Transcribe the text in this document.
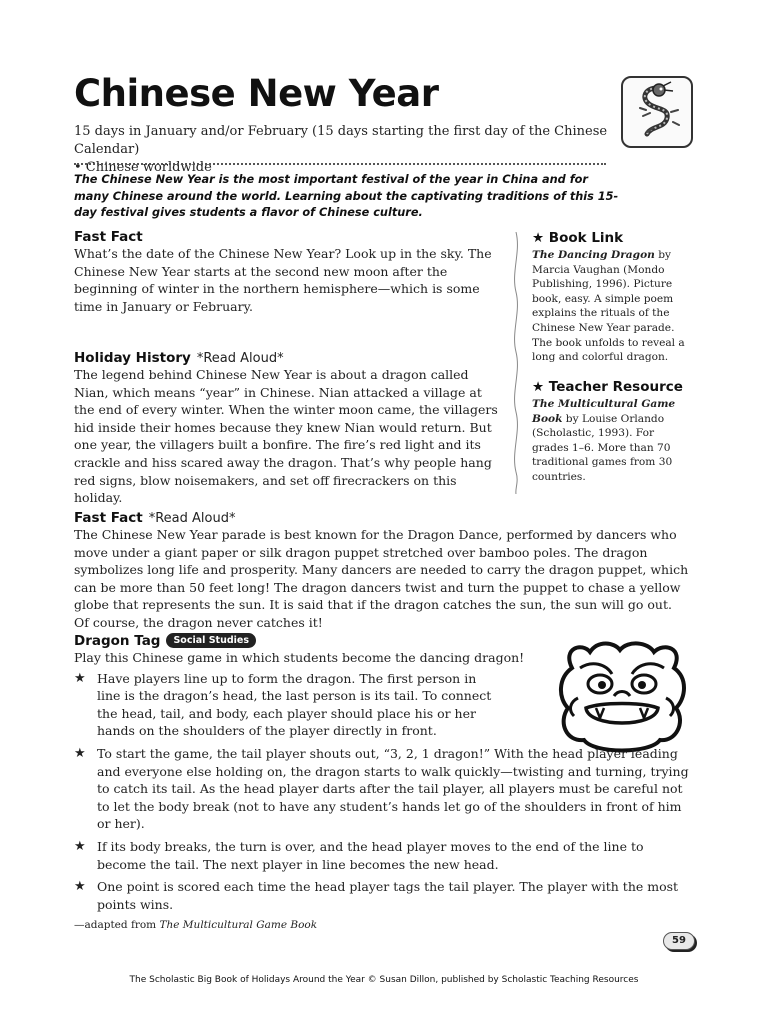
Chinese New Year
15 days in January and/or February (15 days starting the first day of the Chinese Calendar)
• Chinese worldwide
The Chinese New Year is the most important festival of the year in China and for many Chinese around the world. Learning about the captivating traditions of this 15-day festival gives students a flavor of Chinese culture.
Fast Fact
What’s the date of the Chinese New Year? Look up in the sky. The Chinese New Year starts at the second new moon after the beginning of winter in the northern hemisphere—which is some time in January or February.
Holiday History *Read Aloud*
The legend behind Chinese New Year is about a dragon called Nian, which means “year” in Chinese. Nian attacked a village at the end of every winter. When the winter moon came, the villagers hid inside their homes because they knew Nian would return. But one year, the villagers built a bonfire. The fire’s red light and its crackle and hiss scared away the dragon. That’s why people hang red signs, blow noisemakers, and set off firecrackers on this holiday.
★ Book Link
The Dancing Dragon by Marcia Vaughan (Mondo Publishing, 1996). Picture book, easy. A simple poem explains the rituals of the Chinese New Year parade. The book unfolds to reveal a long and colorful dragon.
★ Teacher Resource
The Multicultural Game Book by Louise Orlando (Scholastic, 1993). For grades 1–6. More than 70 traditional games from 30 countries.
Fast Fact *Read Aloud*
The Chinese New Year parade is best known for the Dragon Dance, performed by dancers who move under a giant paper or silk dragon puppet stretched over bamboo poles. The dragon symbolizes long life and prosperity. Many dancers are needed to carry the dragon puppet, which can be more than 50 feet long! The dragon dancers twist and turn the puppet to chase a yellow globe that represents the sun. It is said that if the dragon catches the sun, the sun will go out. Of course, the dragon never catches it!
Dragon Tag Social Studies
Play this Chinese game in which students become the dancing dragon!
★ Have players line up to form the dragon. The first person in line is the dragon’s head, the last person is its tail. To connect the head, tail, and body, each player should place his or her hands on the shoulders of the player directly in front.
★ To start the game, the tail player shouts out, “3, 2, 1 dragon!” With the head player leading and everyone else holding on, the dragon starts to walk quickly—twisting and turning, trying to catch its tail. As the head player darts after the tail player, all players must be careful not to let the body break (not to have any student’s hands let go of the shoulders in front of him or her).
★ If its body breaks, the turn is over, and the head player moves to the end of the line to become the tail. The next player in line becomes the new head.
★ One point is scored each time the head player tags the tail player. The player with the most points wins.
—adapted from The Multicultural Game Book
59
The Scholastic Big Book of Holidays Around the Year © Susan Dillon, published by Scholastic Teaching Resources
